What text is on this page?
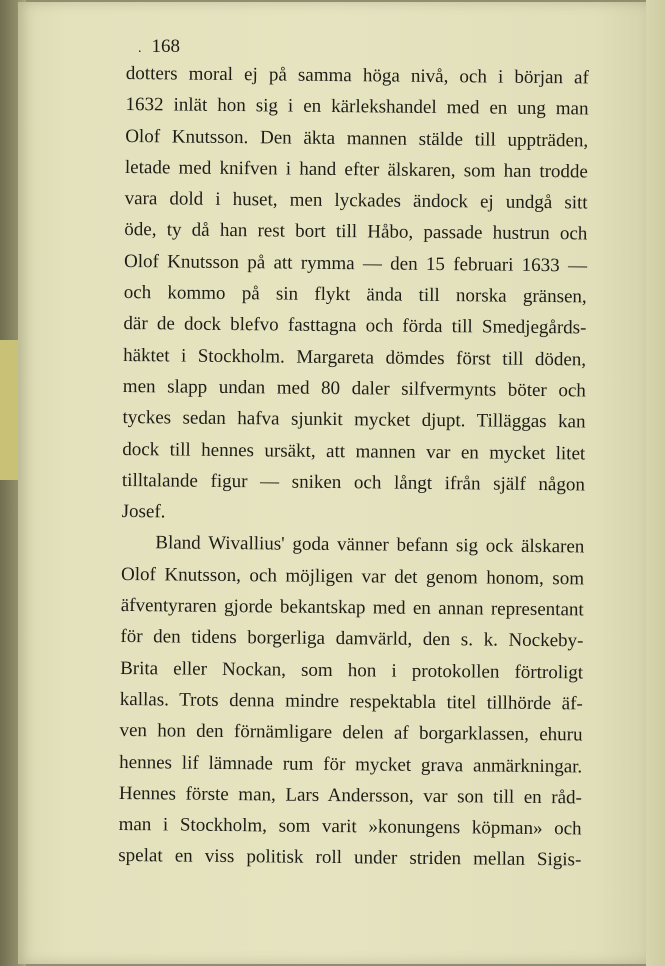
. 168
dotters moral ej på samma höga nivå, och i början af
1632 inlät hon sig i en kärlekshandel med en ung man
Olof Knutsson. Den äkta mannen stälde till uppträden,
letade med knifven i hand efter älskaren, som han trodde
vara dold i huset, men lyckades ändock ej undgå sitt
öde, ty då han rest bort till Håbo, passade hustrun och
Olof Knutsson på att rymma — den 15 februari 1633 —
och kommo på sin flykt ända till norska gränsen,
där de dock blefvo fasttagna och förda till Smedjegårds-
häktet i Stockholm. Margareta dömdes först till döden,
men slapp undan med 80 daler silfvermynts böter och
tyckes sedan hafva sjunkit mycket djupt. Tilläggas kan
dock till hennes ursäkt, att mannen var en mycket litet
tilltalande figur — sniken och långt ifrån själf någon
Josef.
Bland Wivallius' goda vänner befann sig ock älskaren
Olof Knutsson, och möjligen var det genom honom, som
äfventyraren gjorde bekantskap med en annan representant
för den tidens borgerliga damvärld, den s. k. Nockeby-
Brita eller Nockan, som hon i protokollen förtroligt
kallas. Trots denna mindre respektabla titel tillhörde äf-
ven hon den förnämligare delen af borgarklassen, ehuru
hennes lif lämnade rum för mycket grava anmärkningar.
Hennes förste man, Lars Andersson, var son till en råd-
man i Stockholm, som varit »konungens köpman» och
spelat en viss politisk roll under striden mellan Sigis-
